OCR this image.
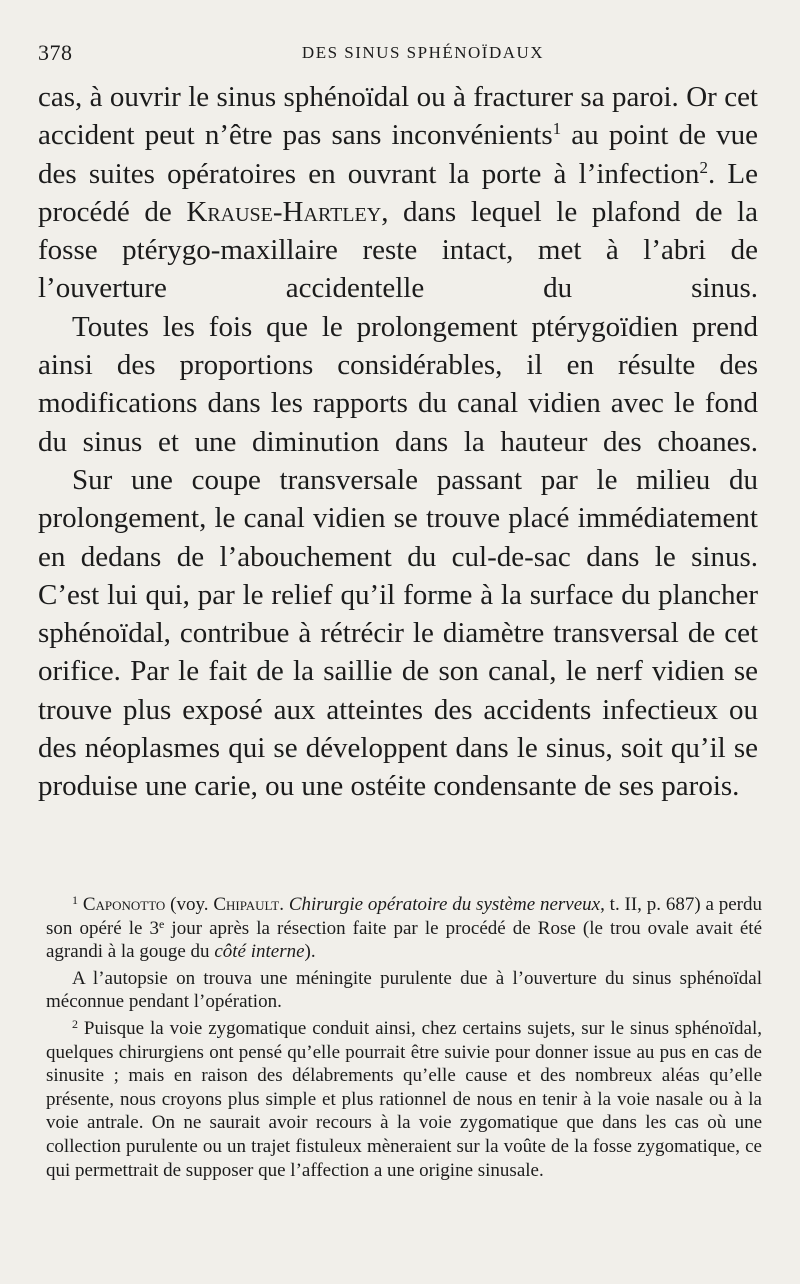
378	DES SINUS SPHÉNOÏDAUX

cas, à ouvrir le sinus sphénoïdal ou à fracturer sa paroi. Or cet accident peut n’être pas sans inconvénients$^1$ au point de vue des suites opératoires en ouvrant la porte à l’infection$^2$. Le procédé de Krause-Hartley, dans lequel le plafond de la fosse ptérygo-maxillaire reste intact, met à l’abri de l’ouverture accidentelle du sinus.

Toutes les fois que le prolongement ptérygoïdien prend ainsi des proportions considérables, il en résulte des modifications dans les rapports du canal vidien avec le fond du sinus et une diminution dans la hauteur des choanes.

Sur une coupe transversale passant par le milieu du prolongement, le canal vidien se trouve placé immédiatement en dedans de l’abouchement du cul-de-sac dans le sinus. C’est lui qui, par le relief qu’il forme à la surface du plancher sphénoïdal, contribue à rétrécir le diamètre transversal de cet orifice. Par le fait de la saillie de son canal, le nerf vidien se trouve plus exposé aux atteintes des accidents infectieux ou des néoplasmes qui se développent dans le sinus, soit qu’il se produise une carie, ou une ostéite condensante de ses parois.

$^1$ Caponotto (voy. Chipault. Chirurgie opératoire du système nerveux, t. II, p. 687) a perdu son opéré le 3e jour après la résection faite par le procédé de Rose (le trou ovale avait été agrandi à la gouge du côté interne).

A l’autopsie on trouva une méningite purulente due à l’ouverture du sinus sphénoïdal méconnue pendant l’opération.

$^2$ Puisque la voie zygomatique conduit ainsi, chez certains sujets, sur le sinus sphénoïdal, quelques chirurgiens ont pensé qu’elle pourrait être suivie pour donner issue au pus en cas de sinusite ; mais en raison des délabrements qu’elle cause et des nombreux aléas qu’elle présente, nous croyons plus simple et plus rationnel de nous en tenir à la voie nasale ou à la voie antrale. On ne saurait avoir recours à la voie zygomatique que dans les cas où une collection purulente ou un trajet fistuleux mèneraient sur la voûte de la fosse zygomatique, ce qui permettrait de supposer que l’affection a une origine sinusale.
